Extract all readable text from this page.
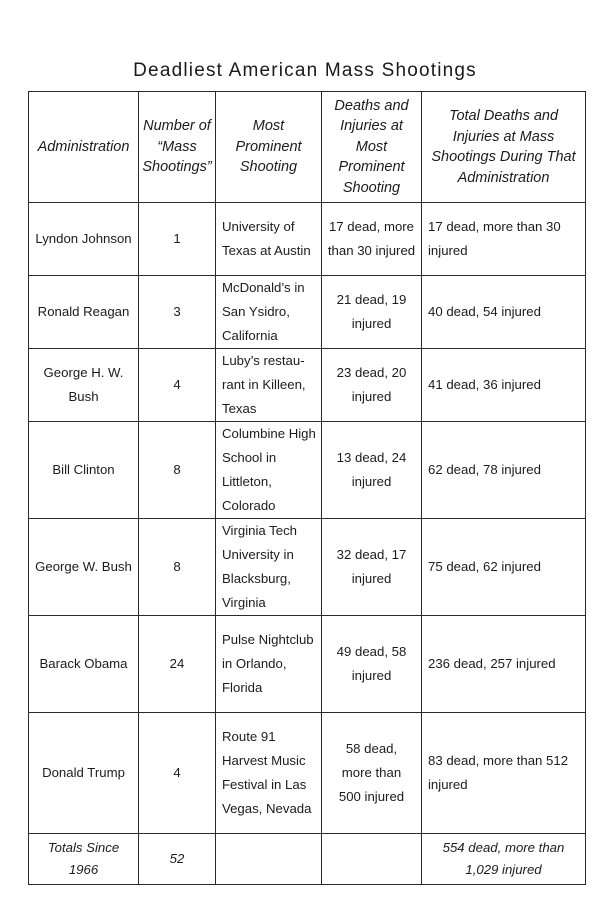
Deadliest American Mass Shootings
Administration	Number of “Mass Shootings”	Most Prominent Shooting	Deaths and Injuries at Most Prominent Shooting	Total Deaths and Injuries at Mass Shootings During That Administration
Lyndon Johnson	1	University of Texas at Austin	17 dead, more than 30 injured	17 dead, more than 30 injured
Ronald Reagan	3	McDonald’s in San Ysidro, California	21 dead, 19 injured	40 dead, 54 injured
George H. W. Bush	4	Luby’s restau-rant in Killeen, Texas	23 dead, 20 injured	41 dead, 36 injured
Bill Clinton	8	Columbine High School in Littleton, Colorado	13 dead, 24 injured	62 dead, 78 injured
George W. Bush	8	Virginia Tech University in Blacksburg, Virginia	32 dead, 17 injured	75 dead, 62 injured
Barack Obama	24	Pulse Nightclub in Orlando, Florida	49 dead, 58 injured	236 dead, 257 injured
Donald Trump	4	Route 91 Harvest Music Festival in Las Vegas, Nevada	58 dead, more than 500 injured	83 dead, more than 512 injured
Totals Since 1966	52			554 dead, more than 1,029 injured
